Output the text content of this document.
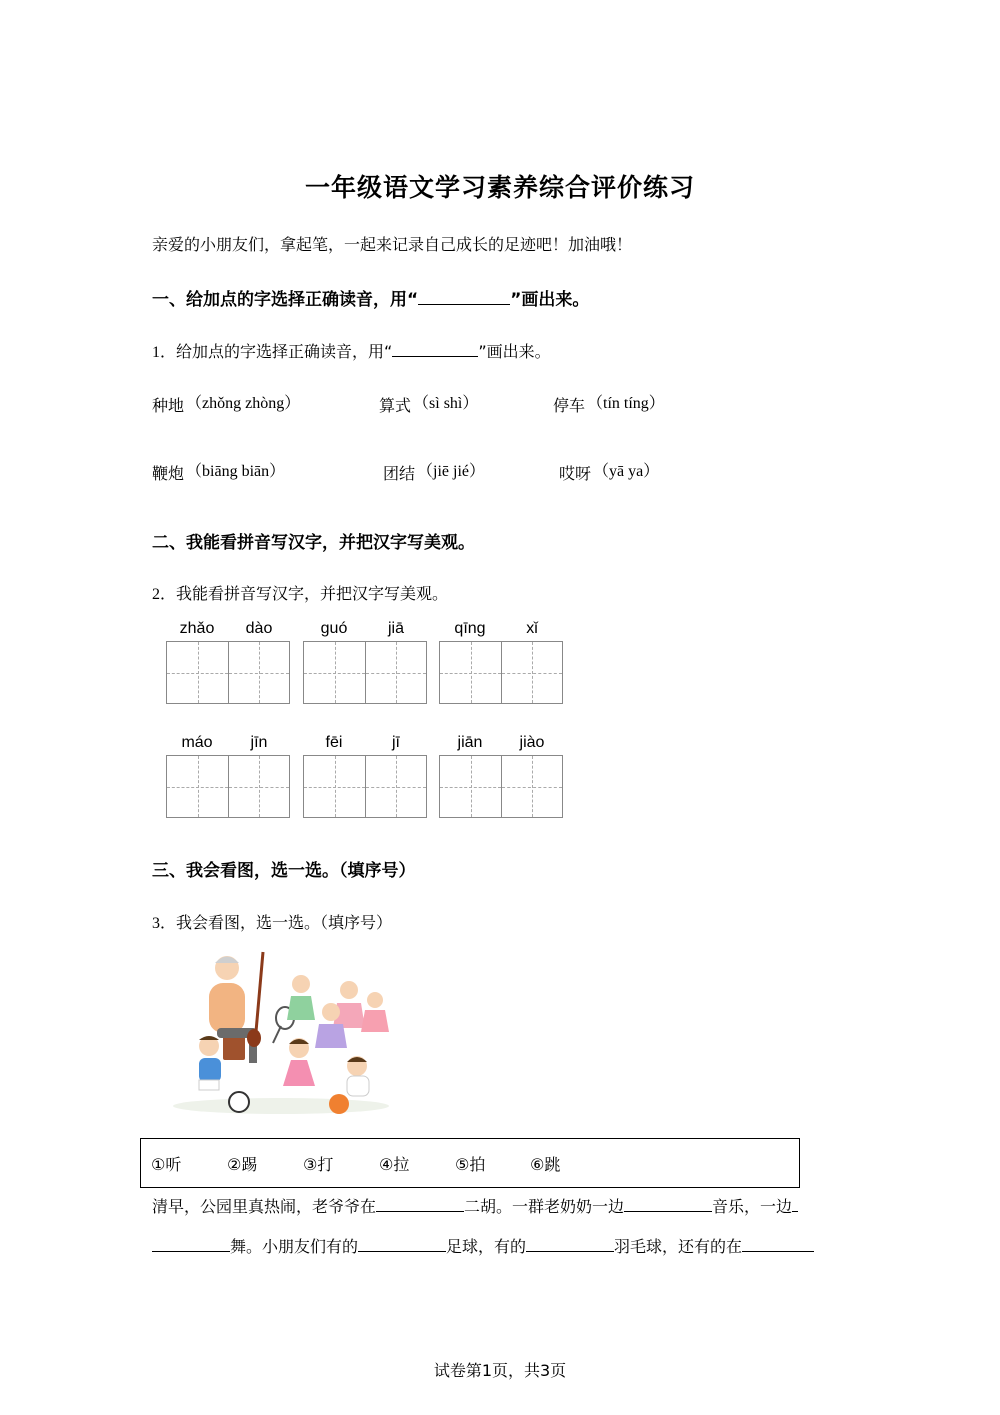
一年级语文学习素养综合评价练习
亲爱的小朋友们，拿起笔，一起来记录自己成长的足迹吧！加油哦！
一、给加点的字选择正确读音，用“	”画出来。
1．给加点的字选择正确读音，用“	”画出来。
种地 （zhǒng zhòng）	算式 （sì shì）	停车 （tín tíng）
鞭炮 （biāng biān）	团结 （jiē jié）	哎呀 （yā ya）
二、我能看拼音写汉字，并把汉字写美观。
2．我能看拼音写汉字，并把汉字写美观。
zhǎo	dào	guó	jiā	qīng	xǐ
máo	jīn	fēi	jī	jiān	jiào
三、我会看图，选一选。（填序号）
3．我会看图，选一选。（填序号）
①听	②踢	③打	④拉	⑤拍	⑥跳
清早，公园里真热闹，老爷爷在	二胡。一群老奶奶一边	音乐，一边
舞。小朋友们有的	足球，有的	羽毛球，还有的在
试卷第1页，共3页
